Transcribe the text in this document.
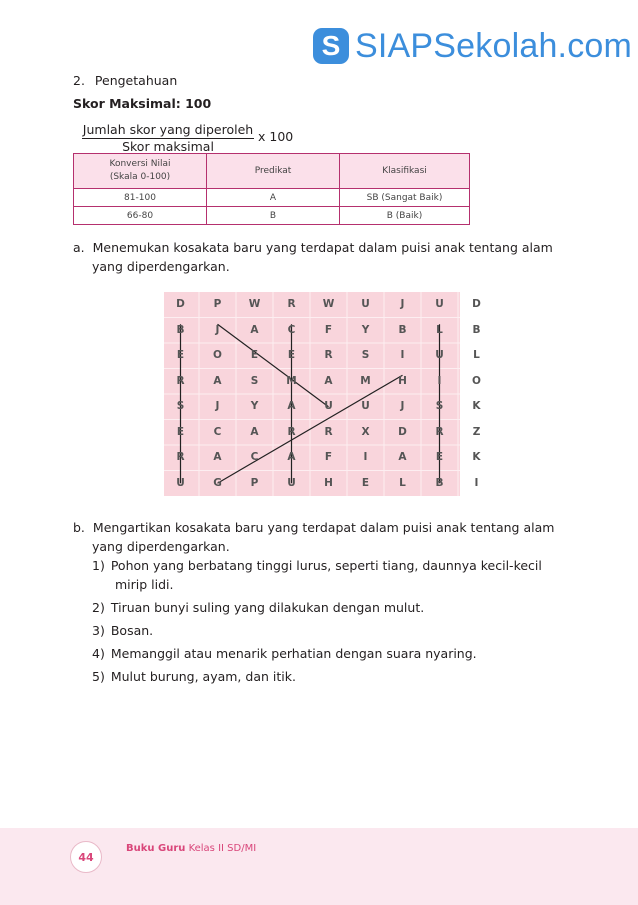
S SIAPSekolah.com
2. Pengetahuan
Skor Maksimal: 100
Jumlah skor yang diperoleh
Skor maksimal
x 100
Konversi Nilai
(Skala 0-100)	Predikat	Klasifikasi
81-100	A	SB (Sangat Baik)
66-80	B	B (Baik)
a. Menemukan kosakata baru yang terdapat dalam puisi anak tentang alam
yang diperdengarkan.
D	P	W	R	W	U	J	U	D
B	J	A	C	F	Y	B	L	B
E	O	E	E	R	S	I	U	L
R	A	S	M	A	M	H	I	O
S	J	Y	A	U	U	J	S	K
E	C	A	R	R	X	D	R	Z
R	A	C	A	F	I	A	E	K
U	G	P	U	H	E	L	B	I
b. Mengartikan kosakata baru yang terdapat dalam puisi anak tentang alam
yang diperdengarkan.
1) Pohon yang berbatang tinggi lurus, seperti tiang, daunnya kecil-kecil
mirip lidi.
2) Tiruan bunyi suling yang dilakukan dengan mulut.
3) Bosan.
4) Memanggil atau menarik perhatian dengan suara nyaring.
5) Mulut burung, ayam, dan itik.
44
Buku Guru Kelas II SD/MI
